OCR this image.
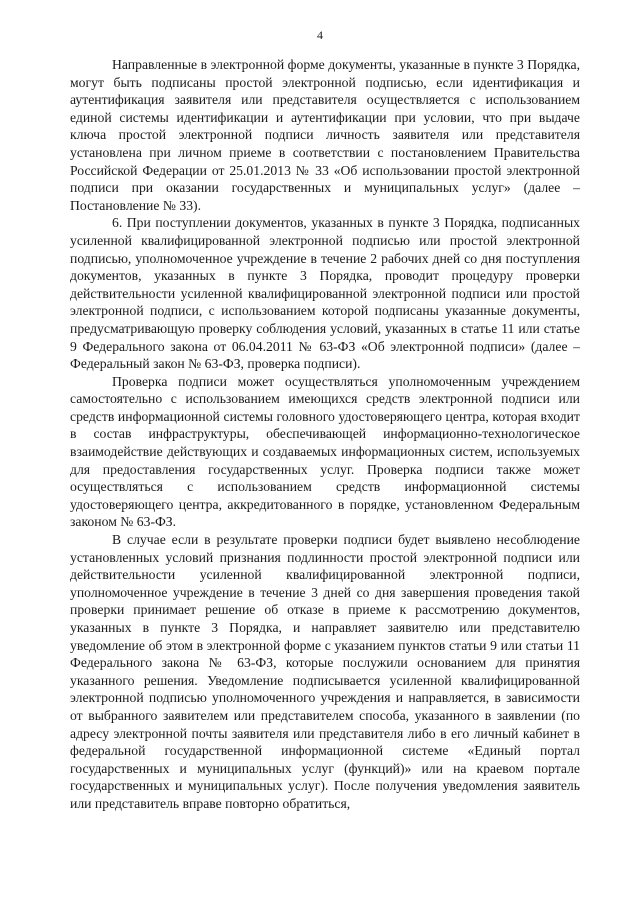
4

Направленные в электронной форме документы, указанные в пункте 3 Порядка, могут быть подписаны простой электронной подписью, если идентификация и аутентификация заявителя или представителя осуществляется с использованием единой системы идентификации и аутентификации при условии, что при выдаче ключа простой электронной подписи личность заявителя или представителя установлена при личном приеме в соответствии с постановлением Правительства Российской Федерации от 25.01.2013 № 33 «Об использовании простой электронной подписи при оказании государственных и муниципальных услуг» (далее – Постановление № 33).

6. При поступлении документов, указанных в пункте 3 Порядка, подписанных усиленной квалифицированной электронной подписью или простой электронной подписью, уполномоченное учреждение в течение 2 рабочих дней со дня поступления документов, указанных в пункте 3 Порядка, проводит процедуру проверки действительности усиленной квалифицированной электронной подписи или простой электронной подписи, с использованием которой подписаны указанные документы, предусматривающую проверку соблюдения условий, указанных в статье 11 или статье 9 Федерального закона от 06.04.2011 № 63-ФЗ «Об электронной подписи» (далее – Федеральный закон № 63-ФЗ, проверка подписи).

Проверка подписи может осуществляться уполномоченным учреждением самостоятельно с использованием имеющихся средств электронной подписи или средств информационной системы головного удостоверяющего центра, которая входит в состав инфраструктуры, обеспечивающей информационно-технологическое взаимодействие действующих и создаваемых информационных систем, используемых для предоставления государственных услуг. Проверка подписи также может осуществляться с использованием средств информационной системы удостоверяющего центра, аккредитованного в порядке, установленном Федеральным законом № 63-ФЗ.

В случае если в результате проверки подписи будет выявлено несоблюдение установленных условий признания подлинности простой электронной подписи или действительности усиленной квалифицированной электронной подписи, уполномоченное учреждение в течение 3 дней со дня завершения проведения такой проверки принимает решение об отказе в приеме к рассмотрению документов, указанных в пункте 3 Порядка, и направляет заявителю или представителю уведомление об этом в электронной форме с указанием пунктов статьи 9 или статьи 11 Федерального закона № 63-ФЗ, которые послужили основанием для принятия указанного решения. Уведомление подписывается усиленной квалифицированной электронной подписью уполномоченного учреждения и направляется, в зависимости от выбранного заявителем или представителем способа, указанного в заявлении (по адресу электронной почты заявителя или представителя либо в его личный кабинет в федеральной государственной информационной системе «Единый портал государственных и муниципальных услуг (функций)» или на краевом портале государственных и муниципальных услуг). После получения уведомления заявитель или представитель вправе повторно обратиться,
